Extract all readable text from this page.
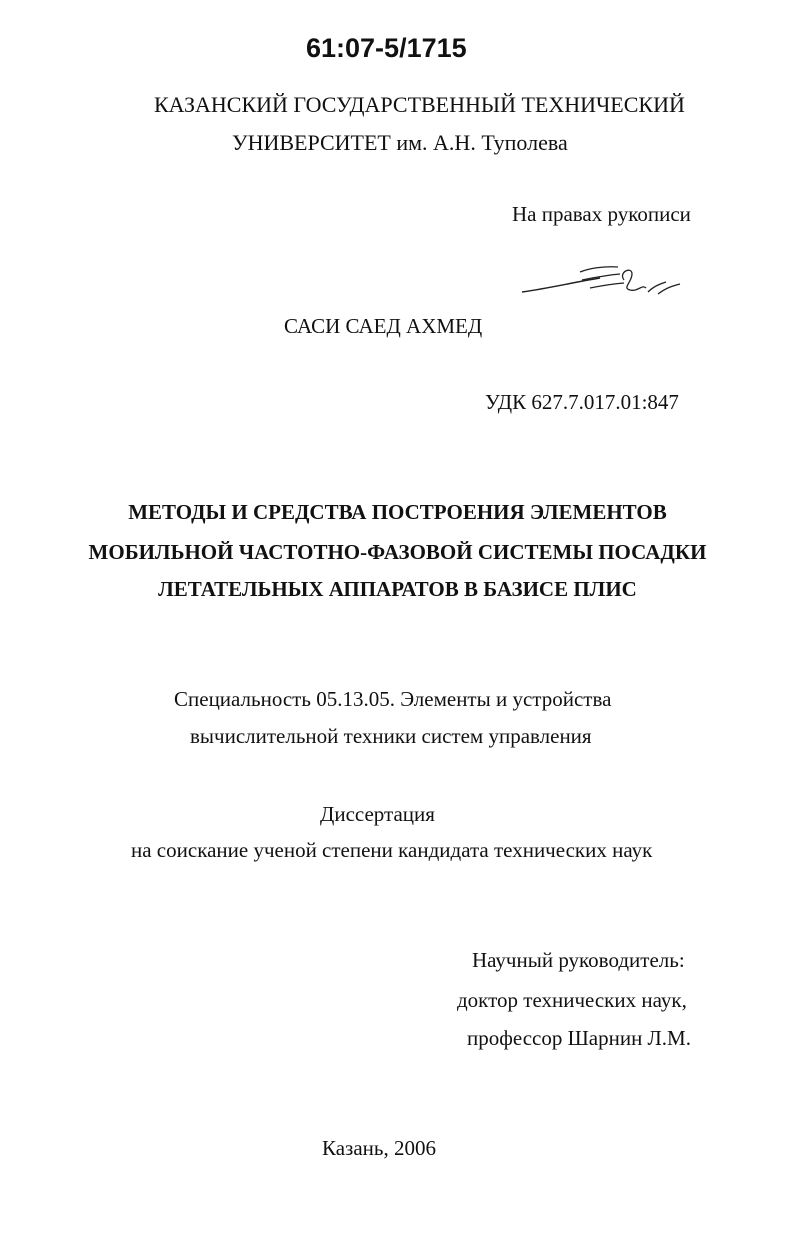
61:07-5/1715
КАЗАНСКИЙ ГОСУДАРСТВЕННЫЙ ТЕХНИЧЕСКИЙ
УНИВЕРСИТЕТ им. А.Н. Туполева
На правах рукописи
САСИ САЕД АХМЕД
УДК 627.7.017.01:847
МЕТОДЫ И СРЕДСТВА ПОСТРОЕНИЯ ЭЛЕМЕНТОВ
МОБИЛЬНОЙ ЧАСТОТНО-ФАЗОВОЙ СИСТЕМЫ ПОСАДКИ
ЛЕТАТЕЛЬНЫХ АППАРАТОВ В БАЗИСЕ ПЛИС
Специальность 05.13.05. Элементы и устройства
вычислительной техники систем управления
Диссертация
на соискание ученой степени кандидата технических наук
Научный руководитель:
доктор технических наук,
профессор Шарнин Л.М.
Казань, 2006
